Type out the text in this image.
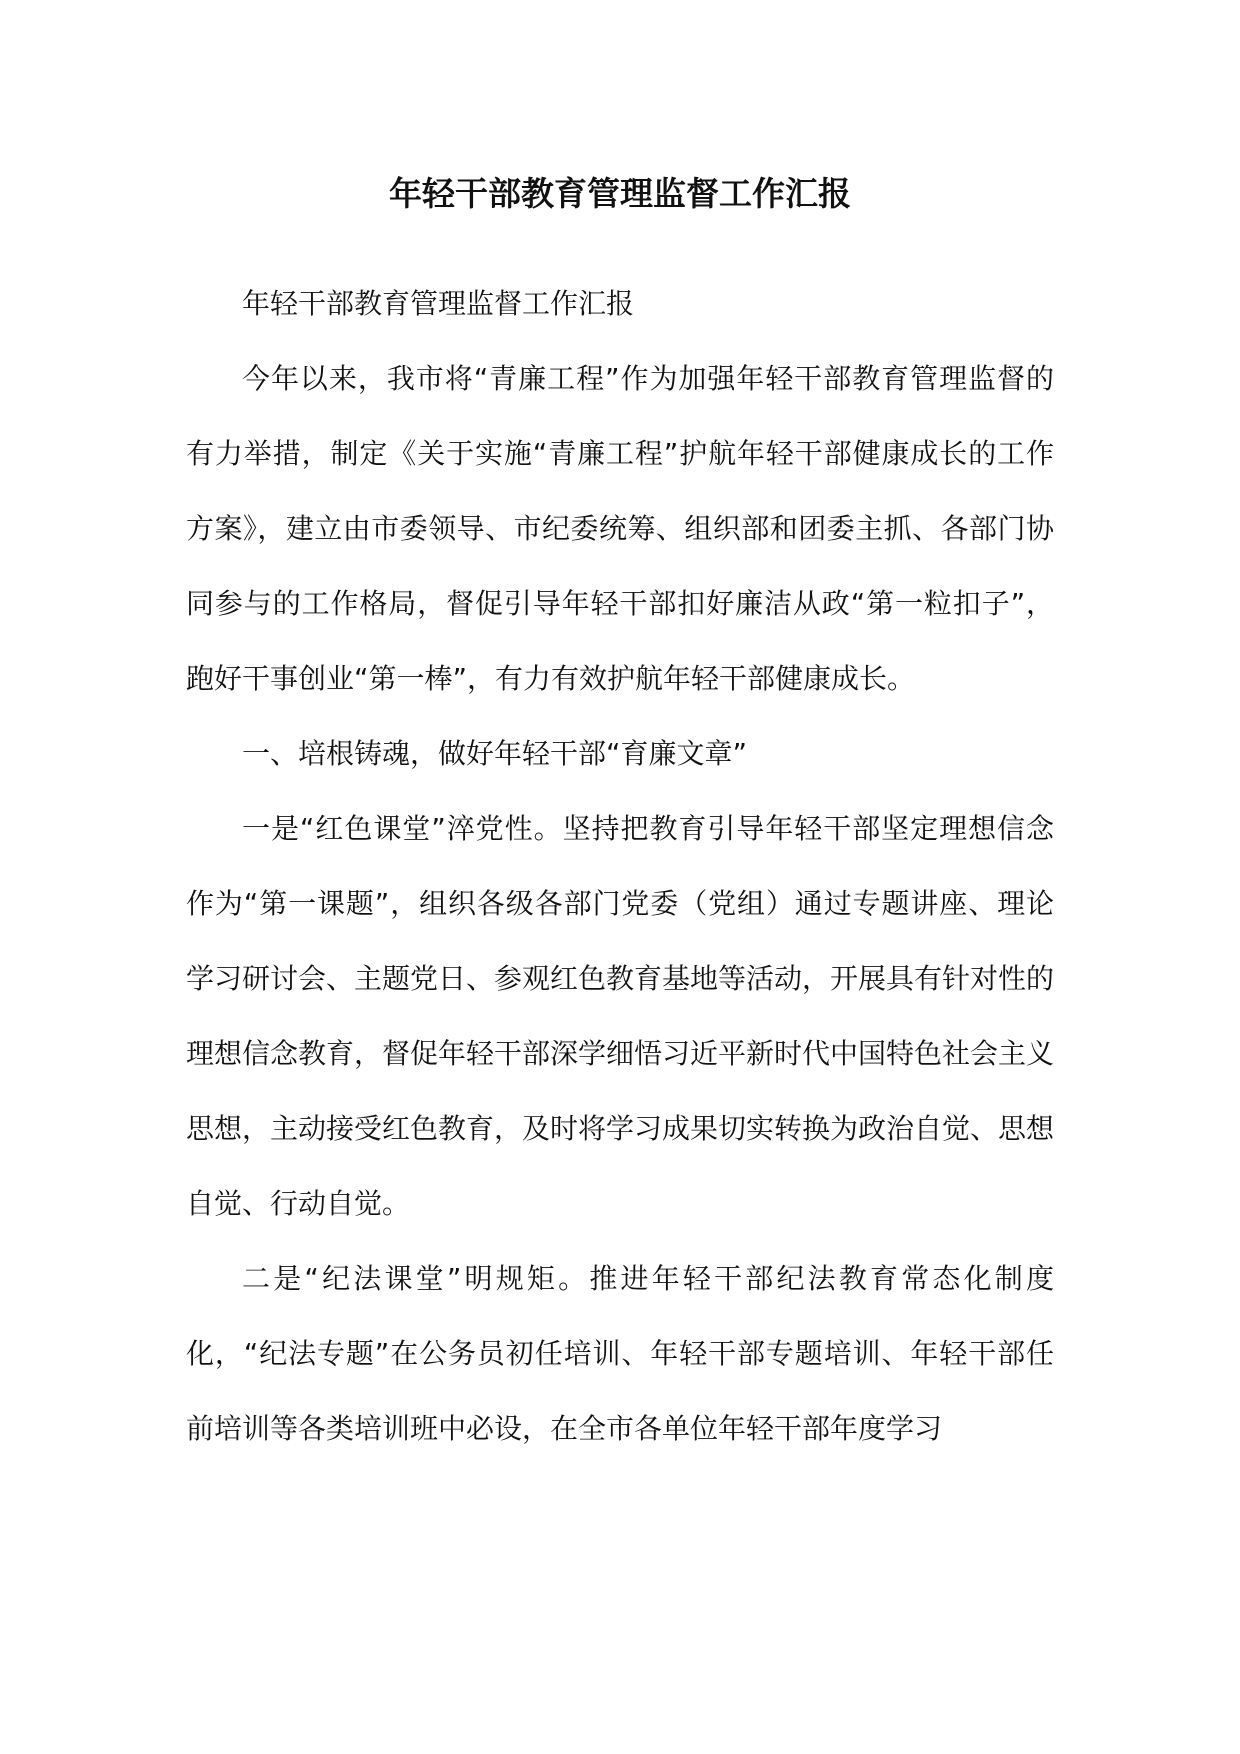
年轻干部教育管理监督工作汇报

年轻干部教育管理监督工作汇报

今年以来，我市将“青廉工程”作为加强年轻干部教育管理监督的有力举措，制定《关于实施“青廉工程”护航年轻干部健康成长的工作方案》，建立由市委领导、市纪委统筹、组织部和团委主抓、各部门协同参与的工作格局，督促引导年轻干部扣好廉洁从政“第一粒扣子”，跑好干事创业“第一棒”，有力有效护航年轻干部健康成长。

一、培根铸魂，做好年轻干部“育廉文章”

一是“红色课堂”淬党性。坚持把教育引导年轻干部坚定理想信念作为“第一课题”，组织各级各部门党委（党组）通过专题讲座、理论学习研讨会、主题党日、参观红色教育基地等活动，开展具有针对性的理想信念教育，督促年轻干部深学细悟习近平新时代中国特色社会主义思想，主动接受红色教育，及时将学习成果切实转换为政治自觉、思想自觉、行动自觉。

二是“纪法课堂”明规矩。推进年轻干部纪法教育常态化制度化，“纪法专题”在公务员初任培训、年轻干部专题培训、年轻干部任前培训等各类培训班中必设，在全市各单位年轻干部年度学习
